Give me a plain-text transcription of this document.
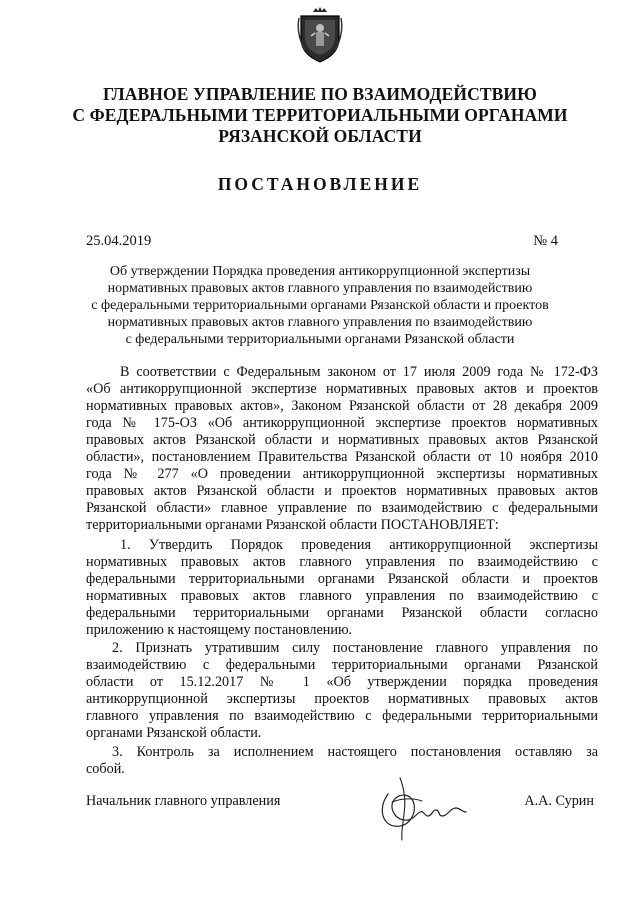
ГЛАВНОЕ УПРАВЛЕНИЕ ПО ВЗАИМОДЕЙСТВИЮ
С ФЕДЕРАЛЬНЫМИ ТЕРРИТОРИАЛЬНЫМИ ОРГАНАМИ
РЯЗАНСКОЙ ОБЛАСТИ
ПОСТАНОВЛЕНИЕ
25.04.2019	№ 4
Об утверждении Порядка проведения антикоррупционной экспертизы
нормативных правовых актов главного управления по взаимодействию
с федеральными территориальными органами Рязанской области и проектов
нормативных правовых актов главного управления по взаимодействию
с федеральными территориальными органами Рязанской области
В соответствии с Федеральным законом от 17 июля 2009 года № 172-ФЗ
«Об антикоррупционной экспертизе нормативных правовых актов и проектов
нормативных правовых актов», Законом Рязанской области от 28 декабря 2009
года № 175-ОЗ «Об антикоррупционной экспертизе проектов нормативных
правовых актов Рязанской области и нормативных правовых актов Рязанской
области», постановлением Правительства Рязанской области от 10 ноября 2010
года № 277 «О проведении антикоррупционной экспертизы нормативных
правовых актов Рязанской области и проектов нормативных правовых актов
Рязанской области» главное управление по взаимодействию с федеральными
территориальными органами Рязанской области ПОСТАНОВЛЯЕТ:
1. Утвердить Порядок проведения антикоррупционной экспертизы
нормативных правовых актов главного управления по взаимодействию с
федеральными территориальными органами Рязанской области и проектов
нормативных правовых актов главного управления по взаимодействию с
федеральными территориальными органами Рязанской области согласно
приложению к настоящему постановлению.
2. Признать утратившим силу постановление главного управления по
взаимодействию с федеральными территориальными органами Рязанской
области от 15.12.2017 № 1 «Об утверждении порядка проведения
антикоррупционной экспертизы проектов нормативных правовых актов
главного управления по взаимодействию с федеральными территориальными
органами Рязанской области.
3. Контроль за исполнением настоящего постановления оставляю за
собой.
Начальник главного управления	А.А. Сурин
